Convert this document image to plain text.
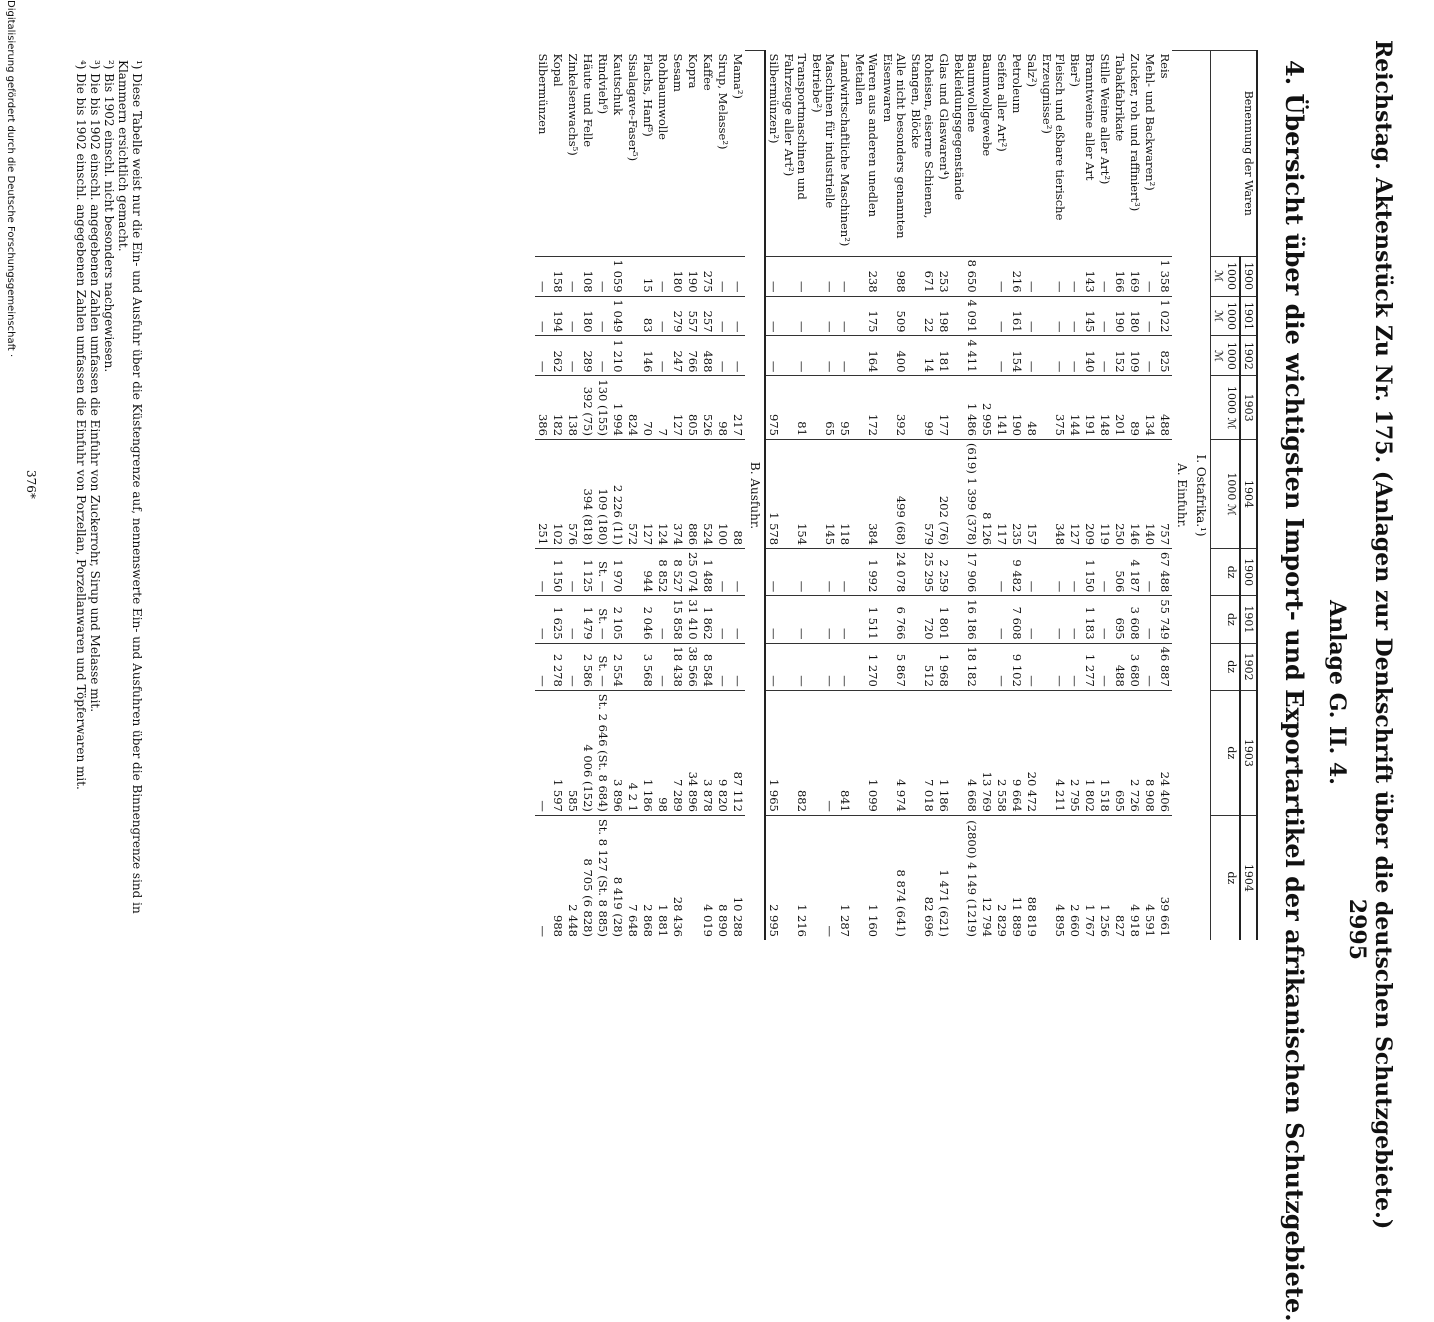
Reichstag. Aktenstück Zu Nr. 175. (Anlagen zur Denkschrift über die deutschen Schutzgebiete.)
2995
Anlage G. II. 4.
4. Übersicht über die wichtigsten Import- und Exportartikel der afrikanischen Schutzgebiete.
Benennung der Waren	1900	1901	1902	1903	1904	1900	1901	1902	1903	1904
	1000 ℳ	1000 ℳ	1000 ℳ	1000 ℳ	1000 ℳ	dz	dz	dz	dz	dz
I. Ostafrika.¹)										
A. Einfuhr.										
Reis	1 358	1 022	825	488	757	67 488	55 749	46 887	24 406	39 661
Mehl- und Backwaren²)	—	—	—	134	140	—	—	—	8 908	4 591
Zucker, roh und raffiniert³)	169	180	109	89	146	4 187	3 608	3 680	2 726	4 918
Tabakfabrikate	166	190	152	201	250	506	695	488	695	827
Stille Weine aller Art²)	—	—	—	148	119	—	—	—	1 518	1 256
Branntweine aller Art	143	145	140	191	209	1 150	1 183	1 277	1 802	1 767
Bier²)	—	—	—	144	127	—	—	—	2 795	2 660
Fleisch und eßbare tierische Erzeugnisse²)	—	—	—	375	348	—	—	—	4 211	4 895
Salz²)	—	—	—	48	157	—	—	—	20 472	88 819
Petroleum	216	161	154	190	235	9 482	7 608	9 102	9 664	11 889
Seifen aller Art²)	—	—	—	141	117	—	—	—	2 558	2 829
Baumwollgewebe				2 995	8 126				13 769	12 794
Baumwollene Bekleidungsgegenstände	8 650	4 091	4 411	1 486	(619) 1 399 (378)	17 906	16 186	18 182	4 668	(2800) 4 149 (1219)
Glas und Glaswaren⁴)	253	198	181	177	202 (76)	2 259	1 801	1 968	1 186	1 471 (621)
Roheisen, eiserne Schienen, Stangen, Blöcke	671	22	14	99	579	25 295	720	512	7 018	82 696
Alle nicht besonders genannten Eisenwaren	988	509	400	392	499 (68)	24 078	6 766	5 867	4 974	8 874 (641)
Waren aus anderen unedlen Metallen	238	175	164	172	384	1 992	1 511	1 270	1 099	1 160
Landwirtschaftliche Maschinen²)	—	—	—	95	118	—	—	—	841	1 287
Maschinen für industrielle Betriebe²)	—	—	—	65	145	—	—	—	—	—
Transportmaschinen und Fahrzeuge aller Art²)	—	—	—	81	154	—	—	—	882	1 216
Silbermünzen²)	—	—	—	975	1 578	—	—	—	1 965	2 995
B. Ausfuhr.										
Mama²)	—	—	—	217	88	—	—	—	87 112	10 288
Sirup, Melasse²)	—	—	—	98	100	—	—	—	9 820	8 890
Kaffee	275	257	488	526	524	1 488	1 862	8 584	3 878	4 019
Kopra	190	557	766	805	886	25 074	31 410	38 566	34 896	
Sesam	180	279	247	127	374	8 527	15 858	18 438	7 289	28 436
Rohbaumwolle	—	—	—	7	124	8 852	—	—	98	1 881
Flachs, Hanf⁵)	15	83	146	70	127	944	2 046	3 568	1 186	2 868
Sisalagave-Faser⁵)				824	572				4 2 1	7 648
Kautschuk	1 059	1 049	1 210	1 994	2 226 (11)	1 970	2 105	2 554	3 896	8 419 (28)
Rindvieh⁶)	—	—	—	130 (155)	109 (180)	St. —	St. —	St. —	St. 2 646 (St. 8 684)	St. 8 127 (St. 8 885)
Häute und Felle	108	180	289	392 (75)	394 (818)	1 125	1 479	2 586	4 006 (152)	8 705 (6 828)
Zinkelsenwachs⁵)	—	—	—	138	576	—	—	—	585	2 448
Kopal	158	194	262	182	102	1 150	1 625	2 278	1 597	988
Silbermünzen	—	—	—	386	251	—	—	—	—	—
¹) Diese Tabelle weist nur die Ein- und Ausfuhr über die Küstengrenze auf, nennenswerte Ein- und Ausfuhren über die Binnengrenze sind in Klammern ersichtlich gemacht.
²) Bis 1902 einschl. nicht besonders nachgewiesen.
³) Die bis 1902 einschl. angegebenen Zahlen umfassen die Einfuhr von Zuckerrohr, Sirup und Melasse mit.
⁴) Die bis 1902 einschl. angegebenen Zahlen umfassen die Einfuhr von Porzellan, Porzellanwaren und Töpferwaren mit.
376*
Digitalisierung gefördert durch die Deutsche Forschungsgemeinschaft ·
